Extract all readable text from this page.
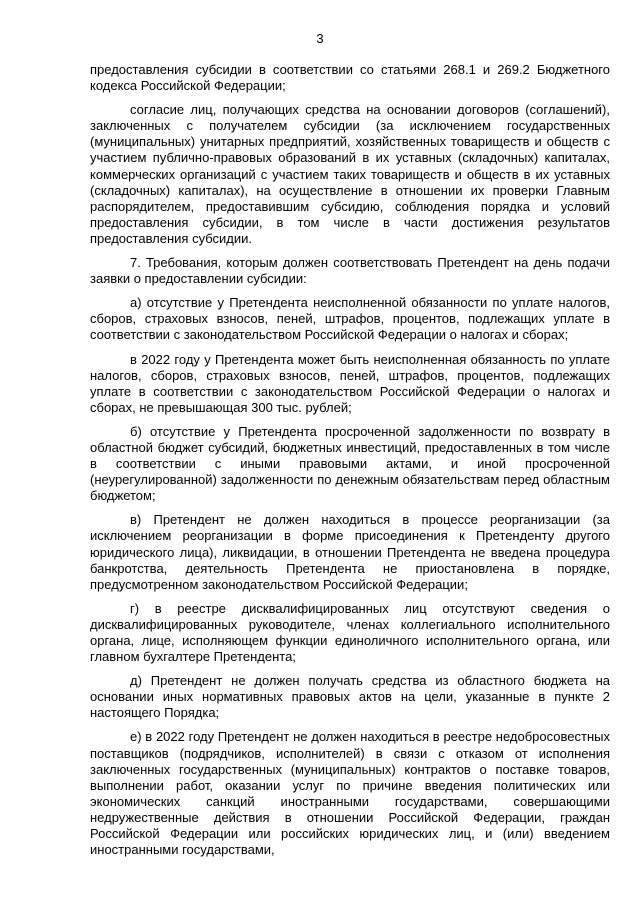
3

предоставления субсидии в соответствии со статьями 268.1 и 269.2 Бюджетного кодекса Российской Федерации;

согласие лиц, получающих средства на основании договоров (соглашений), заключенных с получателем субсидии (за исключением государственных (муниципальных) унитарных предприятий, хозяйственных товариществ и обществ с участием публично-правовых образований в их уставных (складочных) капиталах, коммерческих организаций с участием таких товариществ и обществ в их уставных (складочных) капиталах), на осуществление в отношении их проверки Главным распорядителем, предоставившим субсидию, соблюдения порядка и условий предоставления субсидии, в том числе в части достижения результатов предоставления субсидии.

7. Требования, которым должен соответствовать Претендент на день подачи заявки о предоставлении субсидии:

а) отсутствие у Претендента неисполненной обязанности по уплате налогов, сборов, страховых взносов, пеней, штрафов, процентов, подлежащих уплате в соответствии с законодательством Российской Федерации о налогах и сборах;

в 2022 году у Претендента может быть неисполненная обязанность по уплате налогов, сборов, страховых взносов, пеней, штрафов, процентов, подлежащих уплате в соответствии с законодательством Российской Федерации о налогах и сборах, не превышающая 300 тыс. рублей;

б) отсутствие у Претендента просроченной задолженности по возврату в областной бюджет субсидий, бюджетных инвестиций, предоставленных в том числе в соответствии с иными правовыми актами, и иной просроченной (неурегулированной) задолженности по денежным обязательствам перед областным бюджетом;

в) Претендент не должен находиться в процессе реорганизации (за исключением реорганизации в форме присоединения к Претенденту другого юридического лица), ликвидации, в отношении Претендента не введена процедура банкротства, деятельность Претендента не приостановлена в порядке, предусмотренном законодательством Российской Федерации;

г) в реестре дисквалифицированных лиц отсутствуют сведения о дисквалифицированных руководителе, членах коллегиального исполнительного органа, лице, исполняющем функции единоличного исполнительного органа, или главном бухгалтере Претендента;

д) Претендент не должен получать средства из областного бюджета на основании иных нормативных правовых актов на цели, указанные в пункте 2 настоящего Порядка;

е) в 2022 году Претендент не должен находиться в реестре недобросовестных поставщиков (подрядчиков, исполнителей) в связи с отказом от исполнения заключенных государственных (муниципальных) контрактов о поставке товаров, выполнении работ, оказании услуг по причине введения политических или экономических санкций иностранными государствами, совершающими недружественные действия в отношении Российской Федерации, граждан Российской Федерации или российских юридических лиц, и (или) введением иностранными государствами,
